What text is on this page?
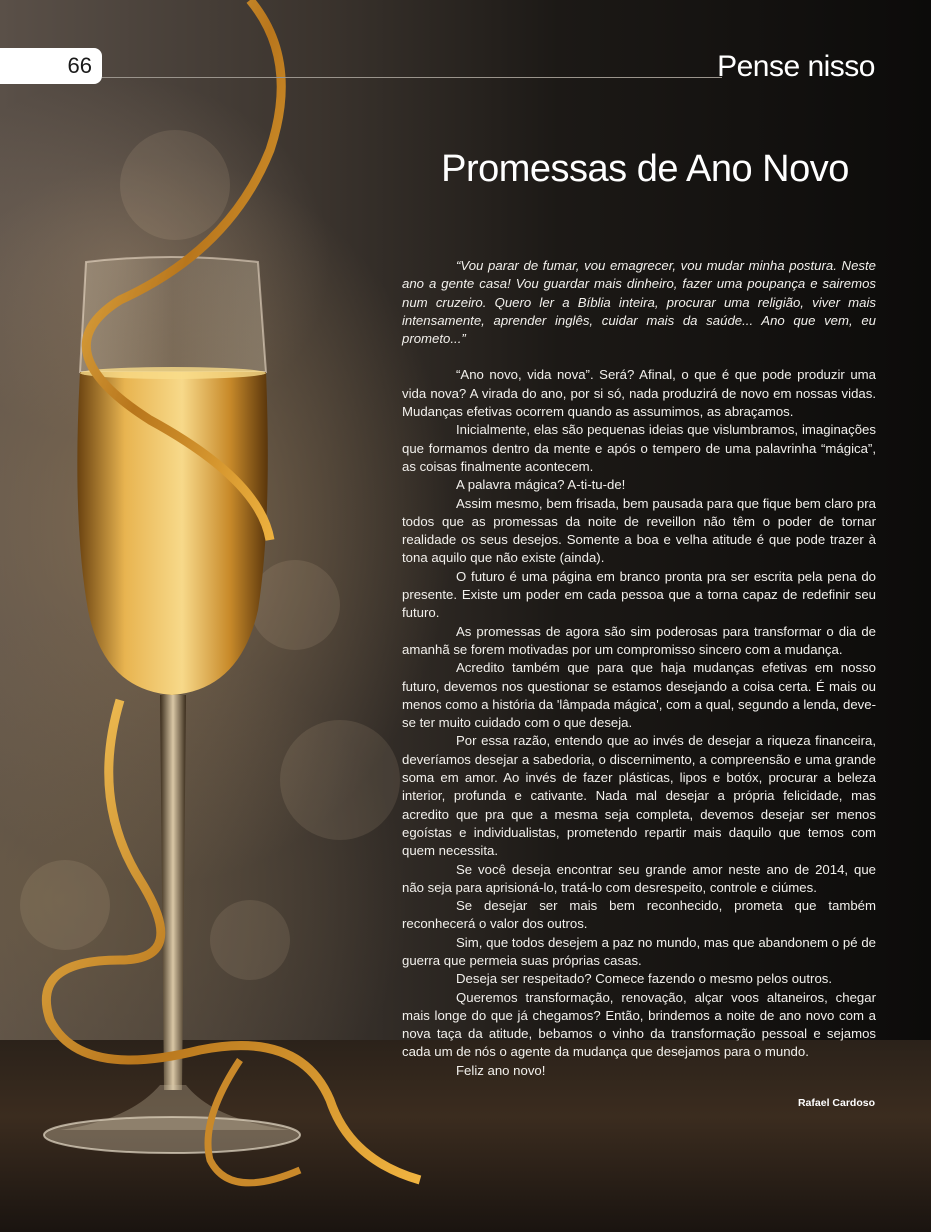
66	Pense nisso
Promessas de Ano Novo

“Vou parar de fumar, vou emagrecer, vou mudar minha postura. Neste ano a gente casa! Vou guardar mais dinheiro, fazer uma poupança e sairemos num cruzeiro. Quero ler a Bíblia inteira, procurar uma religião, viver mais intensamente, aprender inglês, cuidar mais da saúde... Ano que vem, eu prometo...”

“Ano novo, vida nova”. Será? Afinal, o que é que pode produzir uma vida nova? A virada do ano, por si só, nada produzirá de novo em nossas vidas. Mudanças efetivas ocorrem quando as assumimos, as abraçamos.

Inicialmente, elas são pequenas ideias que vislumbramos, imaginações que formamos dentro da mente e após o tempero de uma palavrinha “mágica”, as coisas finalmente acontecem.

A palavra mágica? A-ti-tu-de!

Assim mesmo, bem frisada, bem pausada para que fique bem claro pra todos que as promessas da noite de reveillon não têm o poder de tornar realidade os seus desejos. Somente a boa e velha atitude é que pode trazer à tona aquilo que não existe (ainda).

O futuro é uma página em branco pronta pra ser escrita pela pena do presente. Existe um poder em cada pessoa que a torna capaz de redefinir seu futuro.

As promessas de agora são sim poderosas para transformar o dia de amanhã se forem motivadas por um compromisso sincero com a mudança.

Acredito também que para que haja mudanças efetivas em nosso futuro, devemos nos questionar se estamos desejando a coisa certa. É mais ou menos como a história da 'lâmpada mágica', com a qual, segundo a lenda, deve-se ter muito cuidado com o que deseja.

Por essa razão, entendo que ao invés de desejar a riqueza financeira, deveríamos desejar a sabedoria, o discernimento, a compreensão e uma grande soma em amor. Ao invés de fazer plásticas, lipos e botóx, procurar a beleza interior, profunda e cativante. Nada mal desejar a própria felicidade, mas acredito que pra que a mesma seja completa, devemos desejar ser menos egoístas e individualistas, prometendo repartir mais daquilo que temos com quem necessita.

Se você deseja encontrar seu grande amor neste ano de 2014, que não seja para aprisioná-lo, tratá-lo com desrespeito, controle e ciúmes.

Se desejar ser mais bem reconhecido, prometa que também reconhecerá o valor dos outros.

Sim, que todos desejem a paz no mundo, mas que abandonem o pé de guerra que permeia suas próprias casas.

Deseja ser respeitado? Comece fazendo o mesmo pelos outros.

Queremos transformação, renovação, alçar voos altaneiros, chegar mais longe do que já chegamos? Então, brindemos a noite de ano novo com a nova taça da atitude, bebamos o vinho da transformação pessoal e sejamos cada um de nós o agente da mudança que desejamos para o mundo.

Feliz ano novo!

Rafael Cardoso
